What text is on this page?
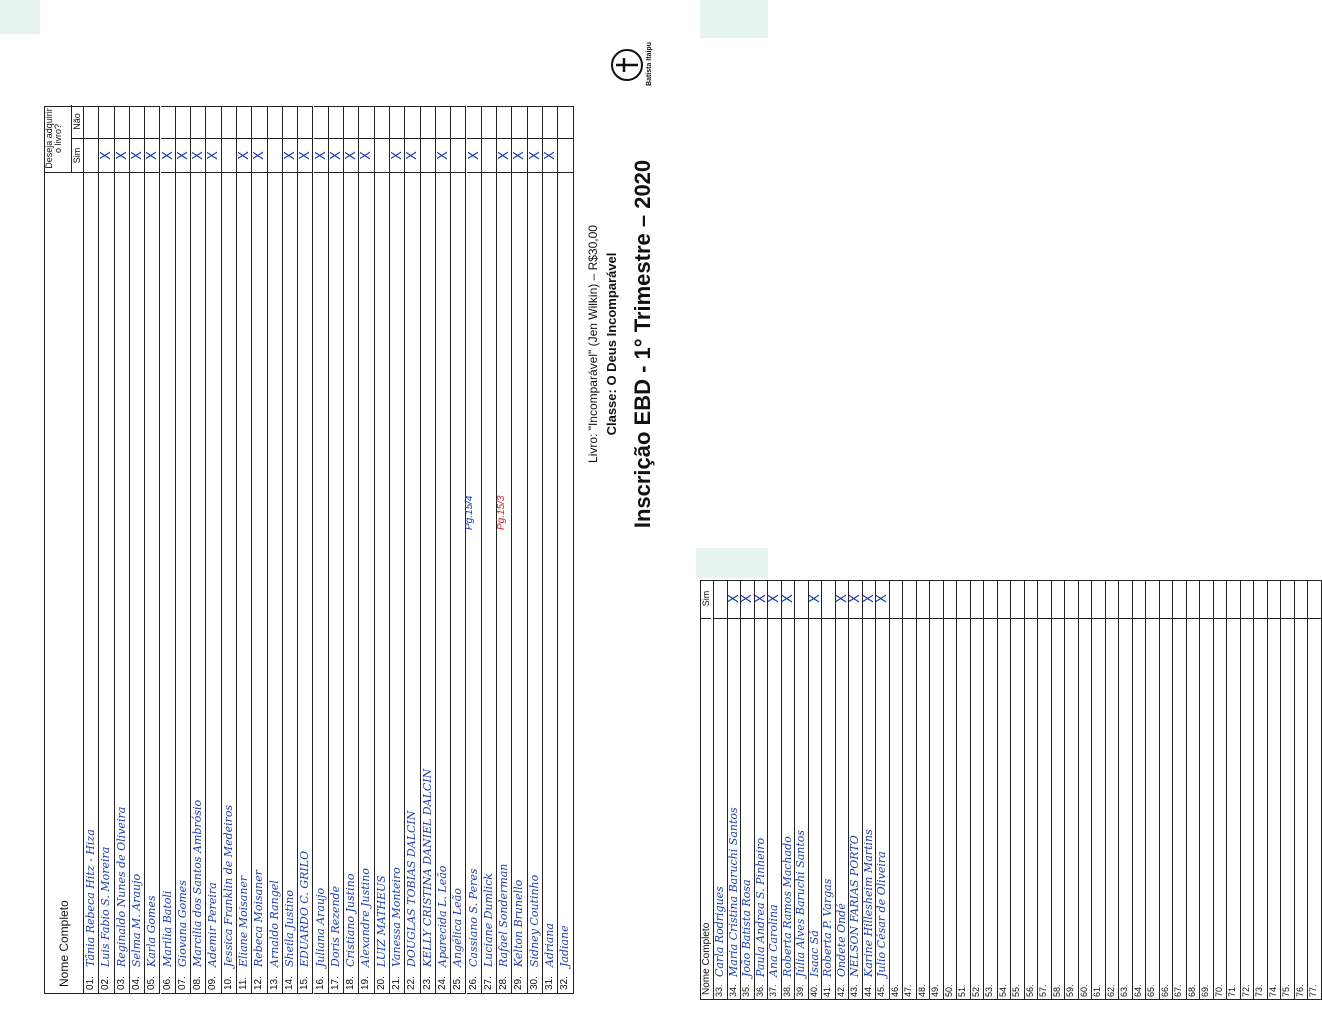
Batista Itaipu
Inscrição EBD - 1° Trimestre – 2020
Classe: O Deus Incomparável
Livro: "Incomparável" (Jen Wilkin) – R$30,00
Nome Completo
Deseja adquirir o livro?
Sim
Não
01.
Tânia Rebeca Hitz - Hiza
02.
Luis Fabio S. Moreira
X
03.
Reginaldo Nunes de Oliveira
X
04.
Selma M. Araujo
X
05.
Karla Gomes
X
06.
Marilia Batoli
X
07.
Giovana Gomes
X
08.
Marcilia dos Santos Ambrósio
X
09.
Ademir Pereira
X
10.
Jessica Franklin de Medeiros
11.
Eliane Moisaner
X
12.
Rebeca Moisaner
X
13.
Arnaldo Rangel
14.
Sheila Justino
X
15.
EDUARDO C. GRILO
X
16.
Juliana Araujo
X
17.
Doris Rezende
X
18.
Cristiano Justino
X
19.
Alexandre Justino
X
20.
LUIZ MATHEUS
21.
Vanessa Monteiro
X
22.
DOUGLAS TOBIAS DALCIN
X
23.
KELLY CRISTINA DANIEL DALCIN
24.
Aparecida L. Leão
X
25.
Angélica Leão
26.
Cassiano S. Peres
X
27.
Luciane Dumlick
28.
Rafael Sonderman
X
29.
Kelton Brunello
X
30.
Sidney Coutinho
X
31.
Adriana
X
32.
Jadiane
Pg.15/3
Pg.15/4
Nome Completo
Sim
33.
Carla Rodrigues
34.
Maria Cristina Baruchi Santos
X
35.
João Batista Rosa
X
36.
Paula Andrea S. Pinheiro
X
37.
Ana Carolina
X
38.
Roberta Ramos Machado
X
39.
Júlia Alves Baruchi Santos
40.
Isaac Sá
X
41.
Roberta P. Vargas
42.
Ondete Ondé
X
43.
NELSON FARIAS PORTO
X
44.
Karine Hillesheim Martins
X
45.
Julio César de Oliveira
X
46. 47. 48. 49. 50. 51. 52. 53. 54. 55. 56. 57. 58. 59. 60. 61. 62. 63. 64. 65. 66. 67. 68. 69. 70. 71. 72. 73. 74. 75. 76. 77.
